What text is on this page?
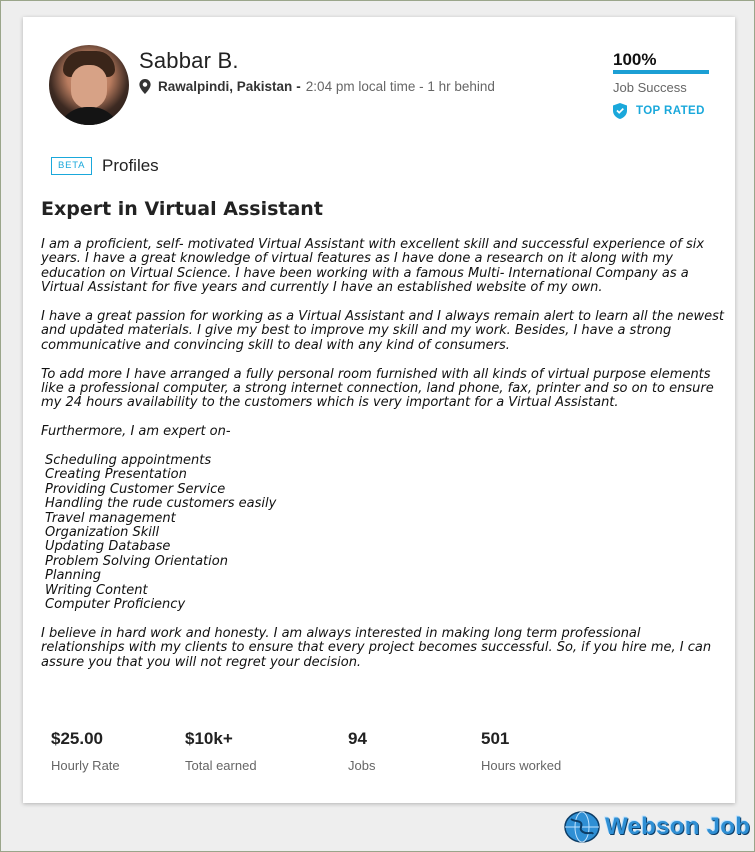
Sabbar B.
Rawalpindi, Pakistan - 2:04 pm local time - 1 hr behind
100%
Job Success
TOP RATED
BETA Profiles
Expert in Virtual Assistant

I am a proficient, self- motivated Virtual Assistant with excellent skill and successful experience of six years. I have a great knowledge of virtual features as I have done a research on it along with my education on Virtual Science. I have been working with a famous Multi- International Company as a Virtual Assistant for five years and currently I have an established website of my own.

I have a great passion for working as a Virtual Assistant and I always remain alert to learn all the newest and updated materials. I give my best to improve my skill and my work. Besides, I have a strong communicative and convincing skill to deal with any kind of consumers.

To add more I have arranged a fully personal room furnished with all kinds of virtual purpose elements like a professional computer, a strong internet connection, land phone, fax, printer and so on to ensure my 24 hours availability to the customers which is very important for a Virtual Assistant.

Furthermore, I am expert on-

Scheduling appointments
Creating Presentation
Providing Customer Service
Handling the rude customers easily
Travel management
Organization Skill
Updating Database
Problem Solving Orientation
Planning
Writing Content
Computer Proficiency

I believe in hard work and honesty. I am always interested in making long term professional relationships with my clients to ensure that every project becomes successful. So, if you hire me, I can assure you that you will not regret your decision.

$25.00
Hourly Rate
$10k+
Total earned
94
Jobs
501
Hours worked
Webson Job
